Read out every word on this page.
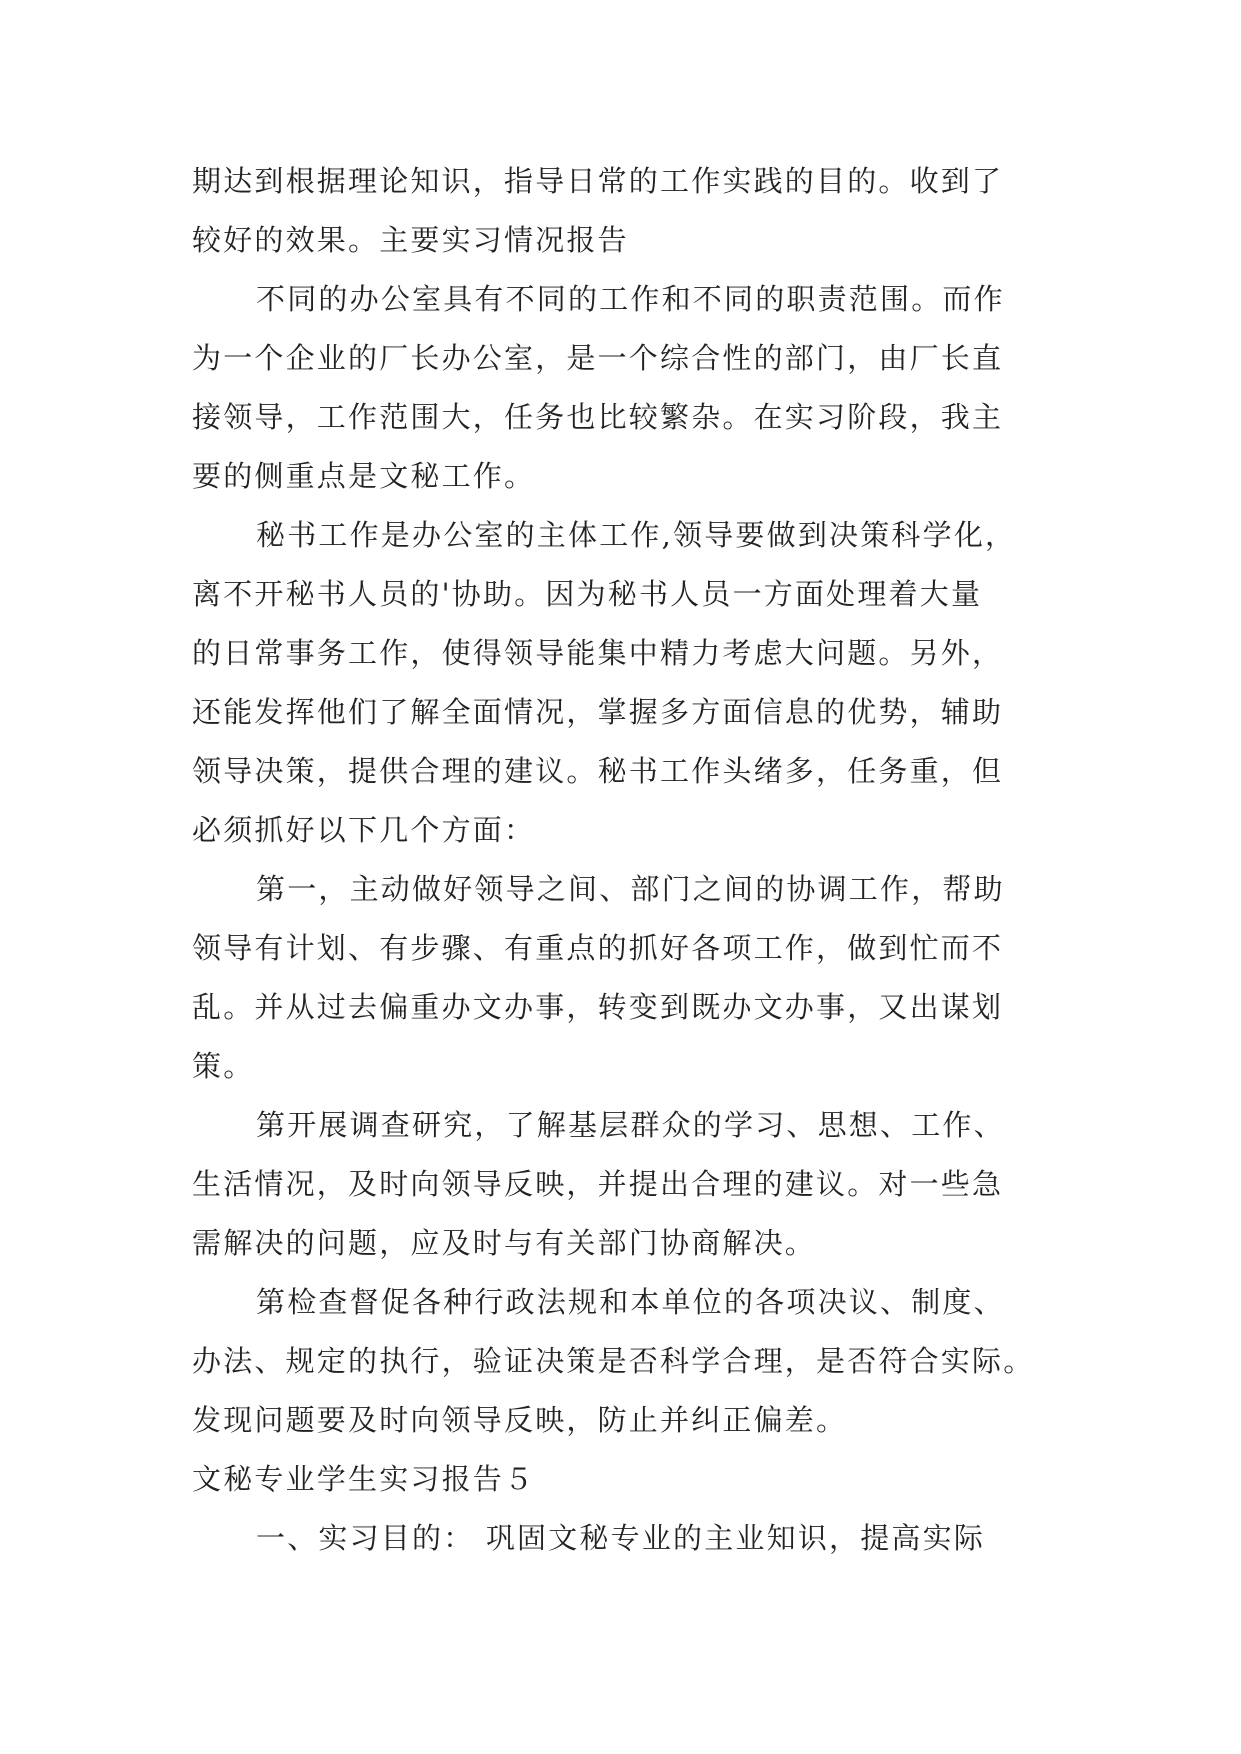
期达到根据理论知识，指导日常的工作实践的目的。收到了
较好的效果。主要实习情况报告
不同的办公室具有不同的工作和不同的职责范围。而作
为一个企业的厂长办公室，是一个综合性的部门，由厂长直
接领导，工作范围大，任务也比较繁杂。在实习阶段，我主
要的侧重点是文秘工作。
秘书工作是办公室的主体工作,领导要做到决策科学化，
离不开秘书人员的'协助。因为秘书人员一方面处理着大量
的日常事务工作，使得领导能集中精力考虑大问题。另外，
还能发挥他们了解全面情况，掌握多方面信息的优势，辅助
领导决策，提供合理的建议。秘书工作头绪多，任务重，但
必须抓好以下几个方面：
第一，主动做好领导之间、部门之间的协调工作，帮助
领导有计划、有步骤、有重点的抓好各项工作，做到忙而不
乱。并从过去偏重办文办事，转变到既办文办事，又出谋划
策。
第开展调查研究，了解基层群众的学习、思想、工作、
生活情况，及时向领导反映，并提出合理的建议。对一些急
需解决的问题，应及时与有关部门协商解决。
第检查督促各种行政法规和本单位的各项决议、制度、
办法、规定的执行，验证决策是否科学合理，是否符合实际。
发现问题要及时向领导反映，防止并纠正偏差。
文秘专业学生实习报告５
一、实习目的： 巩固文秘专业的主业知识，提高实际
